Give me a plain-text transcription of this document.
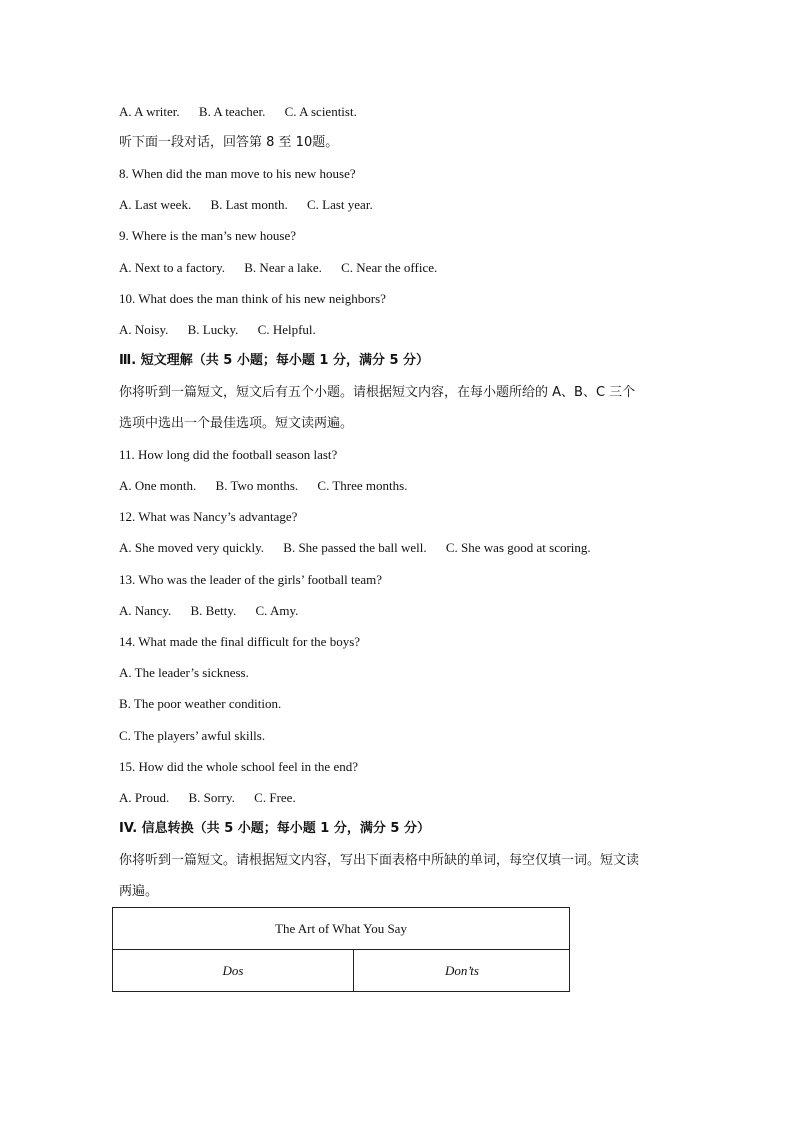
A. A writer. B. A teacher. C. A scientist.
听下面一段对话，回答第 8 至 10题。
8. When did the man move to his new house?
A. Last week. B. Last month. C. Last year.
9. Where is the man’s new house?
A. Next to a factory. B. Near a lake. C. Near the office.
10. What does the man think of his new neighbors?
A. Noisy. B. Lucky. C. Helpful.
Ⅲ. 短文理解（共 5 小题；每小题 1 分，满分 5 分）
你将听到一篇短文，短文后有五个小题。请根据短文内容，在每小题所给的 A、B、C 三个
选项中选出一个最佳选项。短文读两遍。
11. How long did the football season last?
A. One month. B. Two months. C. Three months.
12. What was Nancy’s advantage?
A. She moved very quickly. B. She passed the ball well. C. She was good at scoring.
13. Who was the leader of the girls’ football team?
A. Nancy. B. Betty. C. Amy.
14. What made the final difficult for the boys?
A. The leader’s sickness.
B. The poor weather condition.
C. The players’ awful skills.
15. How did the whole school feel in the end?
A. Proud. B. Sorry. C. Free.
IV. 信息转换（共 5 小题；每小题 1 分，满分 5 分）
你将听到一篇短文。请根据短文内容，写出下面表格中所缺的单词，每空仅填一词。短文读
两遍。
The Art of What You Say
Dos	Don’ts
